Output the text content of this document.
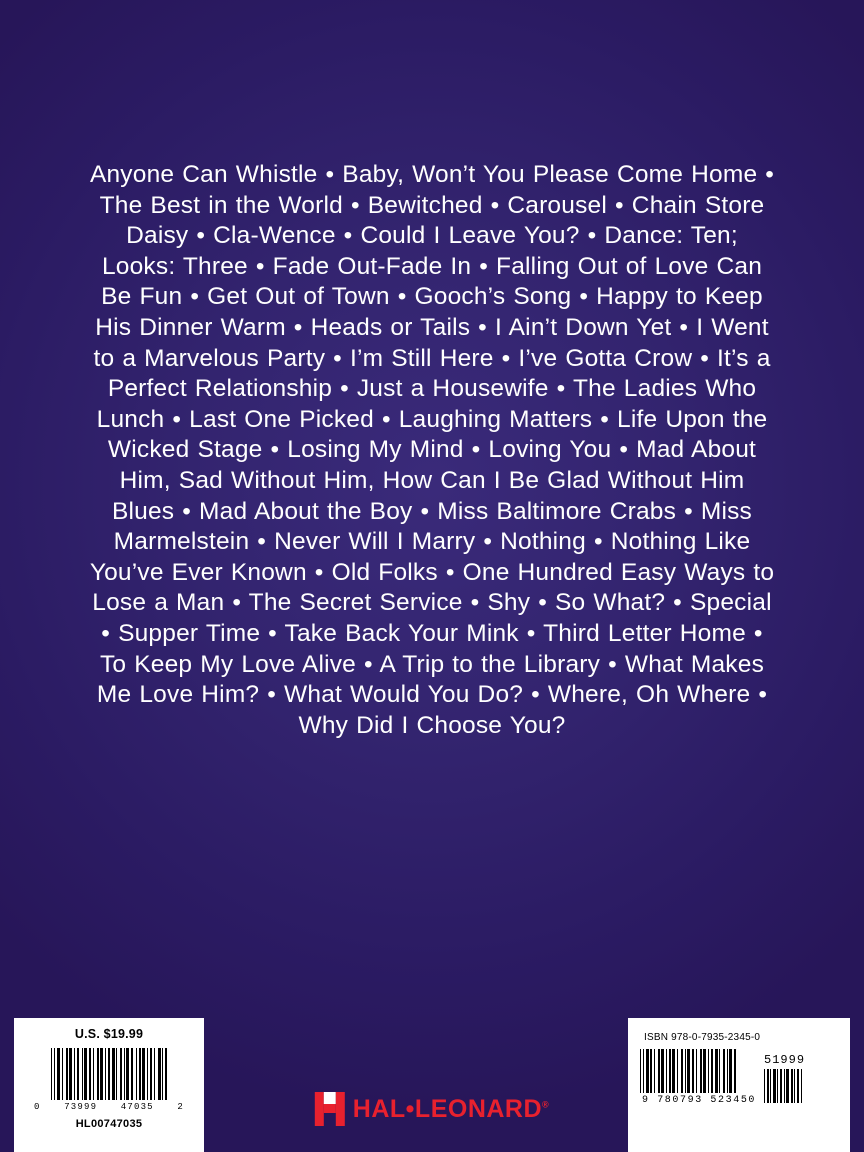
Anyone Can Whistle • Baby, Won’t You Please Come Home • The Best in the World • Bewitched • Carousel • Chain Store Daisy • Cla-Wence • Could I Leave You? • Dance: Ten; Looks: Three • Fade Out-Fade In • Falling Out of Love Can Be Fun • Get Out of Town • Gooch’s Song • Happy to Keep His Dinner Warm • Heads or Tails • I Ain’t Down Yet • I Went to a Marvelous Party • I’m Still Here • I’ve Gotta Crow • It’s a Perfect Relationship • Just a Housewife • The Ladies Who Lunch • Last One Picked • Laughing Matters • Life Upon the Wicked Stage • Losing My Mind • Loving You • Mad About Him, Sad Without Him, How Can I Be Glad Without Him Blues • Mad About the Boy • Miss Baltimore Crabs • Miss Marmelstein • Never Will I Marry • Nothing • Nothing Like You’ve Ever Known • Old Folks • One Hundred Easy Ways to Lose a Man • The Secret Service • Shy • So What? • Special • Supper Time • Take Back Your Mink • Third Letter Home • To Keep My Love Alive • A Trip to the Library • What Makes Me Love Him? • What Would You Do? • Where, Oh Where • Why Did I Choose You?
U.S. $19.99
0	73999	47035	2
HL00747035
HAL•LEONARD®
ISBN 978-0-7935-2345-0
9 780793 523450
51999
